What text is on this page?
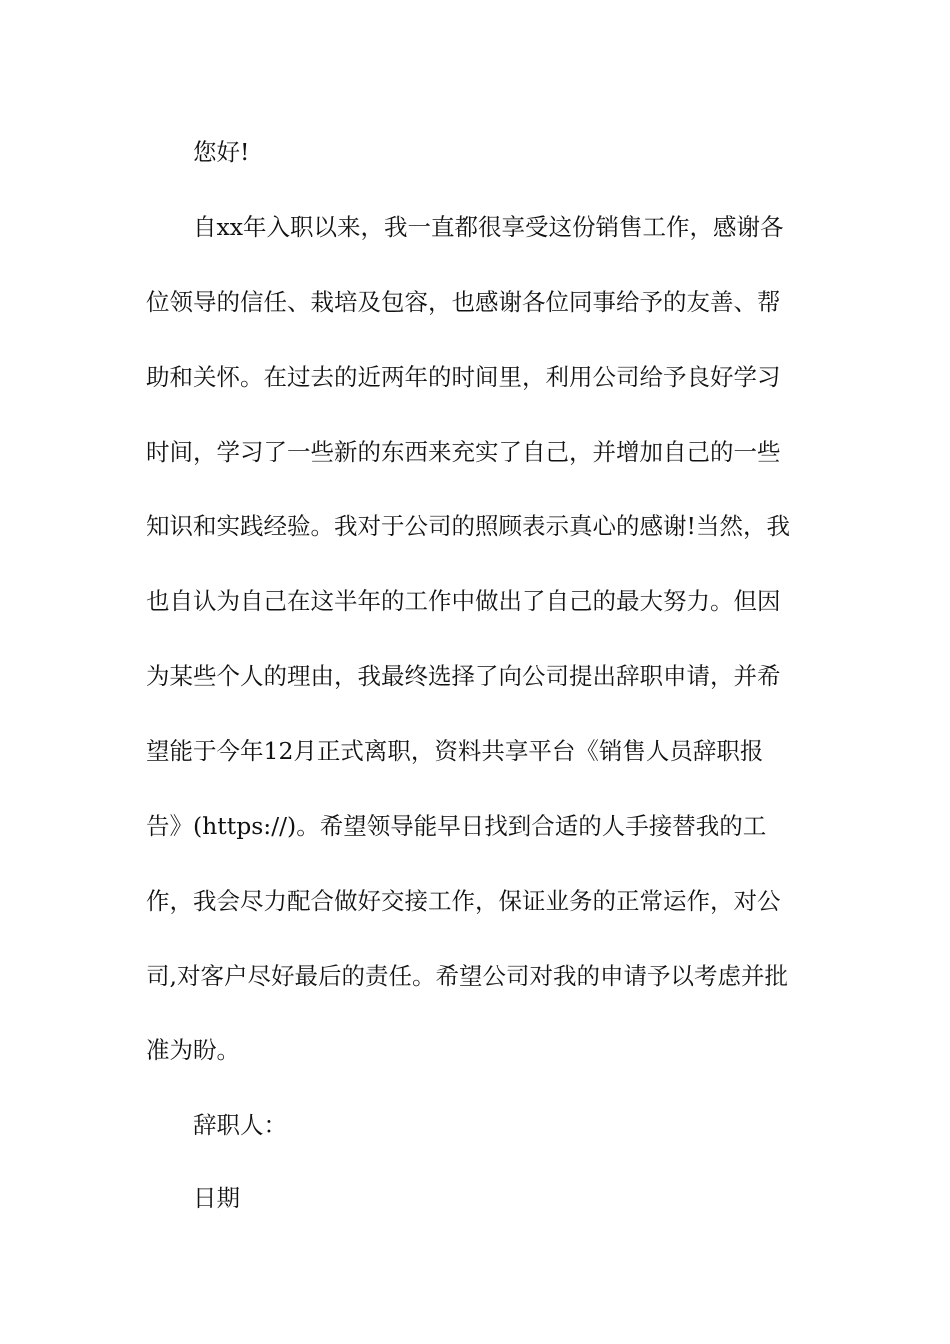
您好!
自xx年入职以来，我一直都很享受这份销售工作，感谢各
位领导的信任、栽培及包容，也感谢各位同事给予的友善、帮
助和关怀。在过去的近两年的时间里，利用公司给予良好学习
时间，学习了一些新的东西来充实了自己，并增加自己的一些
知识和实践经验。我对于公司的照顾表示真心的感谢!当然，我
也自认为自己在这半年的工作中做出了自己的最大努力。但因
为某些个人的理由，我最终选择了向公司提出辞职申请，并希
望能于今年12月正式离职，资料共享平台《销售人员辞职报
告》(https://)。希望领导能早日找到合适的人手接替我的工
作，我会尽力配合做好交接工作，保证业务的正常运作，对公
司,对客户尽好最后的责任。希望公司对我的申请予以考虑并批
准为盼。
辞职人：
日期
